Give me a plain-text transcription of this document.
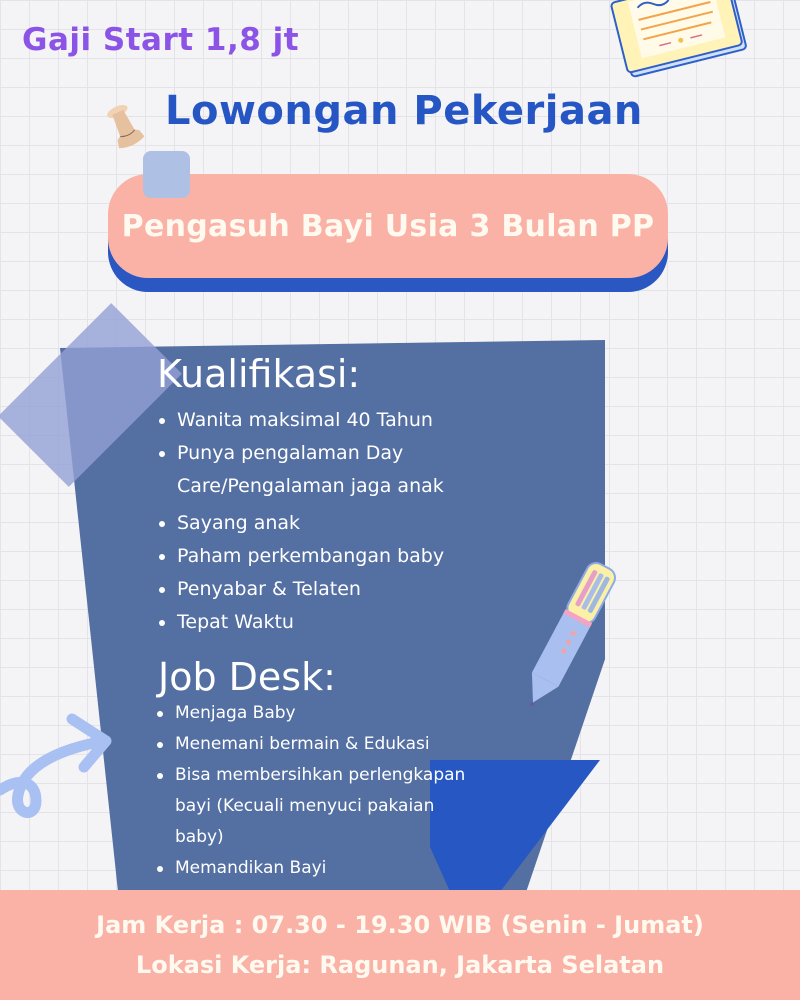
Gaji Start 1,8 jt
Lowongan Pekerjaan
Pengasuh Bayi Usia 3 Bulan PP
Kualifikasi:
Wanita maksimal 40 Tahun
Punya pengalaman Day Care/Pengalaman jaga anak
Sayang anak
Paham perkembangan baby
Penyabar & Telaten
Tepat Waktu
Job Desk:
Menjaga Baby
Menemani bermain & Edukasi
Bisa membersihkan perlengkapan bayi (Kecuali menyuci pakaian baby)
Memandikan Bayi
Jam Kerja : 07.30 - 19.30 WIB (Senin - Jumat)
Lokasi Kerja: Ragunan, Jakarta Selatan
